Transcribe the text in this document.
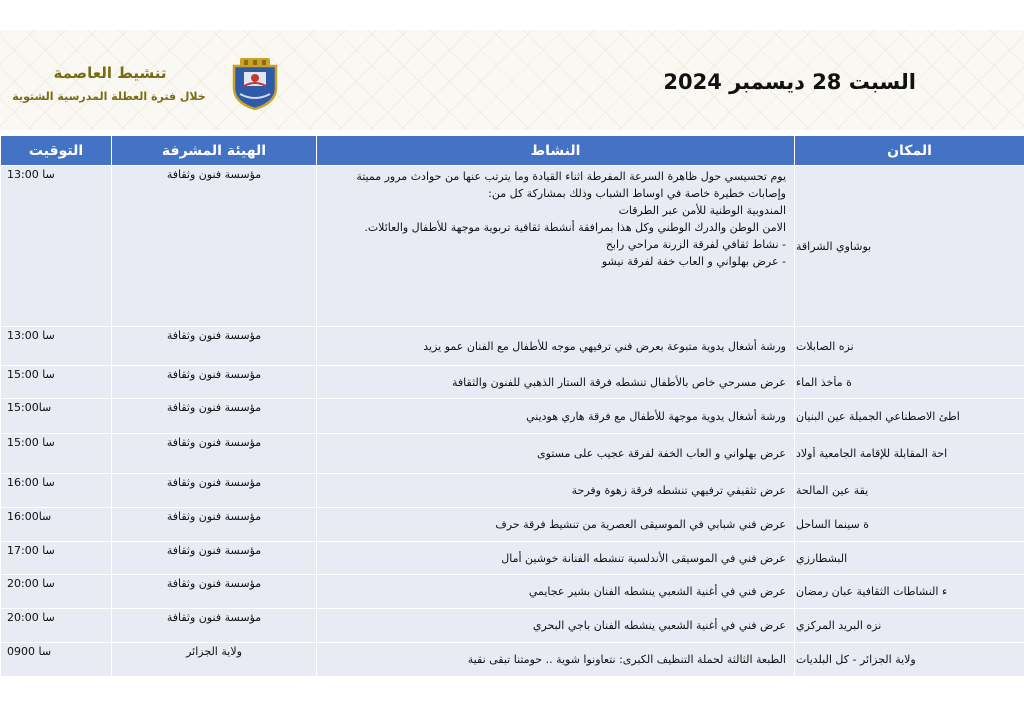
تنشيط العاصمة
خلال فترة العطلة المدرسية الشتوية
السبت 28 ديسمبر 2024
التوقيت	الهيئة المشرفة	النشاط	المكان
13:00 سا	مؤسسة فنون وثقافة	يوم تحسيسي حول ظاهرة السرعة المفرطة اثناء القيادة وما يترتب عنها من حوادث مرور مميتة وإصابات خطيرة خاصة في اوساط الشباب وذلك بمشاركة كل من:
المندوبية الوطنية للأمن عبر الطرقات
الامن الوطن والدرك الوطني وكل هذا بمرافقة أنشطة ثقافية تربوية موجهة للأطفال والعائلات.
- نشاط ثقافي لفرقة الزرنة مراحي رابح
- عرض بهلواني و العاب خفة لفرقة نيشو	بوشاوي الشراقة

13:00 سا	مؤسسة فنون وثقافة	ورشة أشغال يدوية متبوعة بعرض فني ترفيهي موجه للأطفال مع الفنان عمو يزيد	نزه الصابلات

15:00 سا	مؤسسة فنون وثقافة	عرض مسرحي خاص بالأطفال تنشطه فرقة الستار الذهبي للفنون والثقافة	ة مأخذ الماء

15:00سا	مؤسسة فنون وثقافة	ورشة أشغال يدوية موجهة للأطفال مع فرقة هاري هوديني	اطئ الاصطناعي الجميلة عين البنيان

15:00 سا	مؤسسة فنون وثقافة	عرض بهلواني و العاب الخفة لفرقة عجيب على مستوى	احة المقابلة للإقامة الجامعية أولاد

16:00 سا	مؤسسة فنون وثقافة	عرض تثقيفي ترفيهي تنشطه فرقة زهوة وفرحة	يقة عين المالحة

16:00سا	مؤسسة فنون وثقافة	عرض فني شبابي في الموسيقى العصرية من تنشيط فرقة حرف	ة سينما الساحل

17:00 سا	مؤسسة فنون وثقافة	عرض فني في الموسيقى الأندلسية تنشطه الفنانة خوشين أمال	البشطارزي

20:00 سا	مؤسسة فنون وثقافة	عرض فني في أغنية الشعبي ينشطه الفنان بشير عجايمي	ء النشاطات الثقافية عبان رمضان

20:00 سا	مؤسسة فنون وثقافة	عرض فني في أغنية الشعبي ينشطه الفنان باجي البحري	نزه البريد المركزي

09سا 00	ولاية الجزائر	الطبعة الثالثة لحملة التنظيف الكبرى: نتعاونوا شوية .. حومتنا تبقى نقية	ولاية الجزائر - كل البلديات
